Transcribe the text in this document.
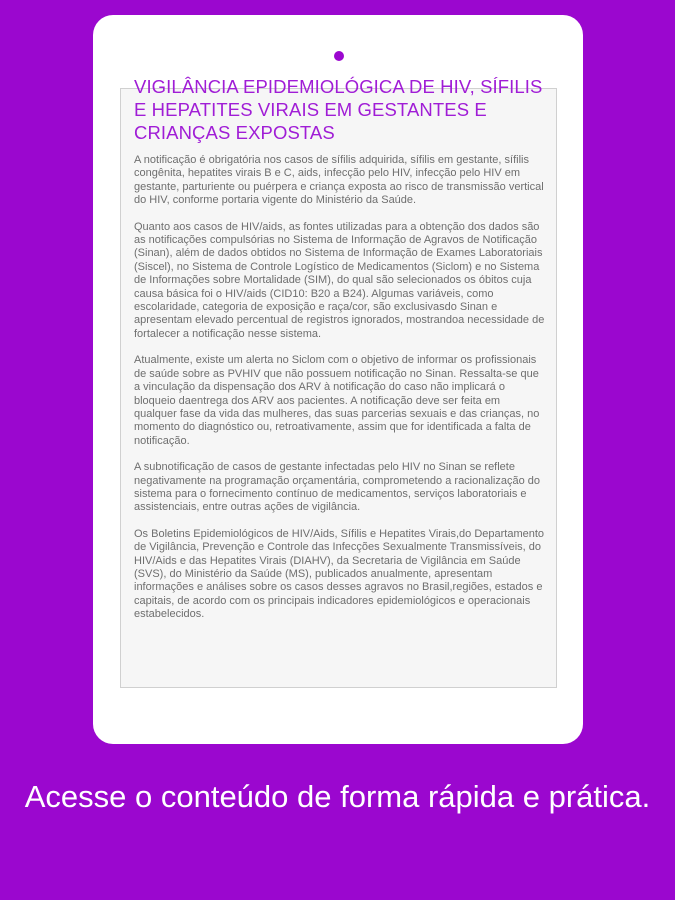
VIGILÂNCIA EPIDEMIOLÓGICA DE HIV, SÍFILIS E HEPATITES VIRAIS EM GESTANTES E CRIANÇAS EXPOSTAS

A notificação é obrigatória nos casos de sífilis adquirida, sífilis em gestante, sífilis congênita, hepatites virais B e C, aids, infecção pelo HIV, infecção pelo HIV em gestante, parturiente ou puérpera e criança exposta ao risco de transmissão vertical do HIV, conforme portaria vigente do Ministério da Saúde.

Quanto aos casos de HIV/aids, as fontes utilizadas para a obtenção dos dados são as notificações compulsórias no Sistema de Informação de Agravos de Notificação (Sinan), além de dados obtidos no Sistema de Informação de Exames Laboratoriais (Siscel), no Sistema de Controle Logístico de Medicamentos (Siclom) e no Sistema de Informações sobre Mortalidade (SIM), do qual são selecionados os óbitos cuja causa básica foi o HIV/aids (CID10: B20 a B24). Algumas variáveis, como escolaridade, categoria de exposição e raça/cor, são exclusivasdo Sinan e apresentam elevado percentual de registros ignorados, mostrandoa necessidade de fortalecer a notificação nesse sistema.

Atualmente, existe um alerta no Siclom com o objetivo de informar os profissionais de saúde sobre as PVHIV que não possuem notificação no Sinan. Ressalta-se que a vinculação da dispensação dos ARV à notificação do caso não implicará o bloqueio daentrega dos ARV aos pacientes. A notificação deve ser feita em qualquer fase da vida das mulheres, das suas parcerias sexuais e das crianças, no momento do diagnóstico ou, retroativamente, assim que for identificada a falta de notificação.

A subnotificação de casos de gestante infectadas pelo HIV no Sinan se reflete negativamente na programação orçamentária, comprometendo a racionalização do sistema para o fornecimento contínuo de medicamentos, serviços laboratoriais e assistenciais, entre outras ações de vigilância.

Os Boletins Epidemiológicos de HIV/Aids, Sífilis e Hepatites Virais,do Departamento de Vigilância, Prevenção e Controle das Infecções Sexualmente Transmissíveis, do HIV/Aids e das Hepatites Virais (DIAHV), da Secretaria de Vigilância em Saúde (SVS), do Ministério da Saúde (MS), publicados anualmente, apresentam informações e análises sobre os casos desses agravos no Brasil,regiões, estados e capitais, de acordo com os principais indicadores epidemiológicos e operacionais estabelecidos.

Acesse o conteúdo de forma rápida e prática.
